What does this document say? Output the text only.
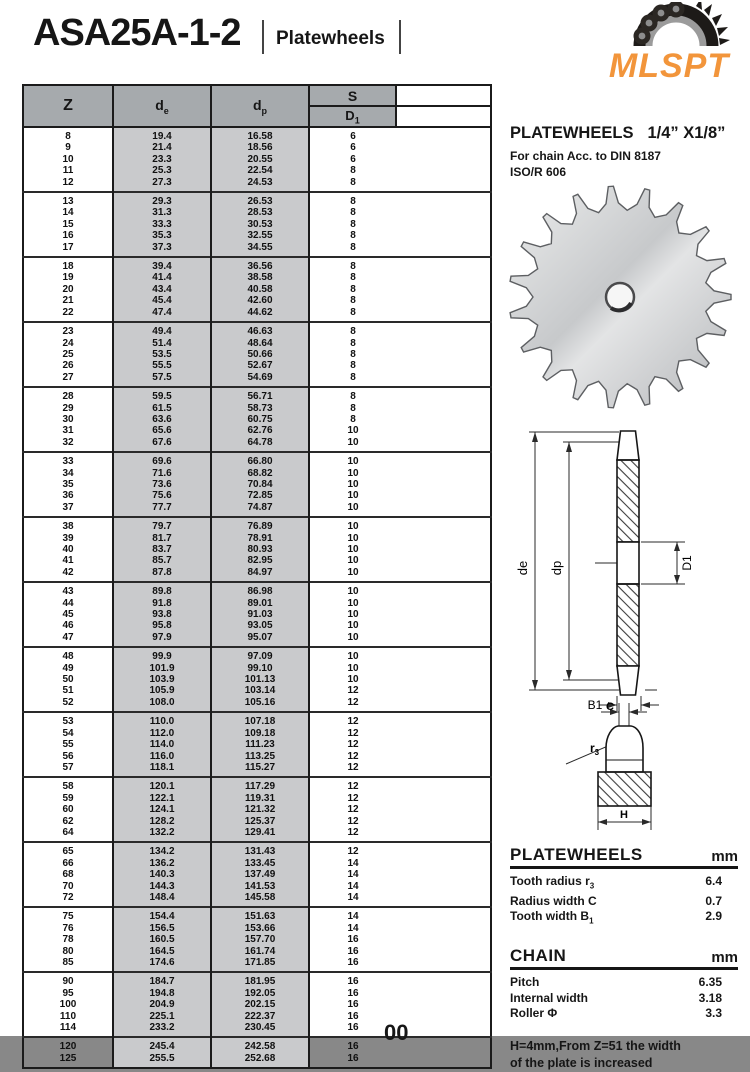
ASA25A-1-2 Platewheels
MLSPT
PLATEWHEELS 1/4” X1/8”
For chain Acc. to DIN 8187
ISO/R 606
Z	$d_e$	$d_p$	S	
			$D_1$	
8	19.4	16.58	6	
9	21.4	18.56	6	
10	23.3	20.55	6	
11	25.3	22.54	8	
12	27.3	24.53	8	
13	29.3	26.53	8	
14	31.3	28.53	8	
15	33.3	30.53	8	
16	35.3	32.55	8	
17	37.3	34.55	8	
18	39.4	36.56	8	
19	41.4	38.58	8	
20	43.4	40.58	8	
21	45.4	42.60	8	
22	47.4	44.62	8	
23	49.4	46.63	8	
24	51.4	48.64	8	
25	53.5	50.66	8	
26	55.5	52.67	8	
27	57.5	54.69	8	
28	59.5	56.71	8	
29	61.5	58.73	8	
30	63.6	60.75	8	
31	65.6	62.76	10	
32	67.6	64.78	10	
33	69.6	66.80	10	
34	71.6	68.82	10	
35	73.6	70.84	10	
36	75.6	72.85	10	
37	77.7	74.87	10	
38	79.7	76.89	10	
39	81.7	78.91	10	
40	83.7	80.93	10	
41	85.7	82.95	10	
42	87.8	84.97	10	
43	89.8	86.98	10	
44	91.8	89.01	10	
45	93.8	91.03	10	
46	95.8	93.05	10	
47	97.9	95.07	10	
48	99.9	97.09	10	
49	101.9	99.10	10	
50	103.9	101.13	10	
51	105.9	103.14	12	
52	108.0	105.16	12	
53	110.0	107.18	12	
54	112.0	109.18	12	
55	114.0	111.23	12	
56	116.0	113.25	12	
57	118.1	115.27	12	
58	120.1	117.29	12	
59	122.1	119.31	12	
60	124.1	121.32	12	
62	128.2	125.37	12	
64	132.2	129.41	12	
65	134.2	131.43	12	
66	136.2	133.45	14	
68	140.3	137.49	14	
70	144.3	141.53	14	
72	148.4	145.58	14	
75	154.4	151.63	14	
76	156.5	153.66	14	
78	160.5	157.70	16	
80	164.5	161.74	16	
85	174.6	171.85	16	
90	184.7	181.95	16	
95	194.8	192.05	16	
100	204.9	202.15	16	
110	225.1	222.37	16	
114	233.2	230.45	16	
120	245.4	242.58	16	
125	255.5	252.68	16	
de dp	D1
B1 C
$r_3$
H
PLATEWHEELS	mm
Tooth radius $r_3$	6.4
Radius width C	0.7
Tooth width $B_1$	2.9
CHAIN	mm
Pitch	6.35
Internal width	3.18
Roller Φ	3.3
H=4mm,From Z=51 the width
of the plate is increased
00
